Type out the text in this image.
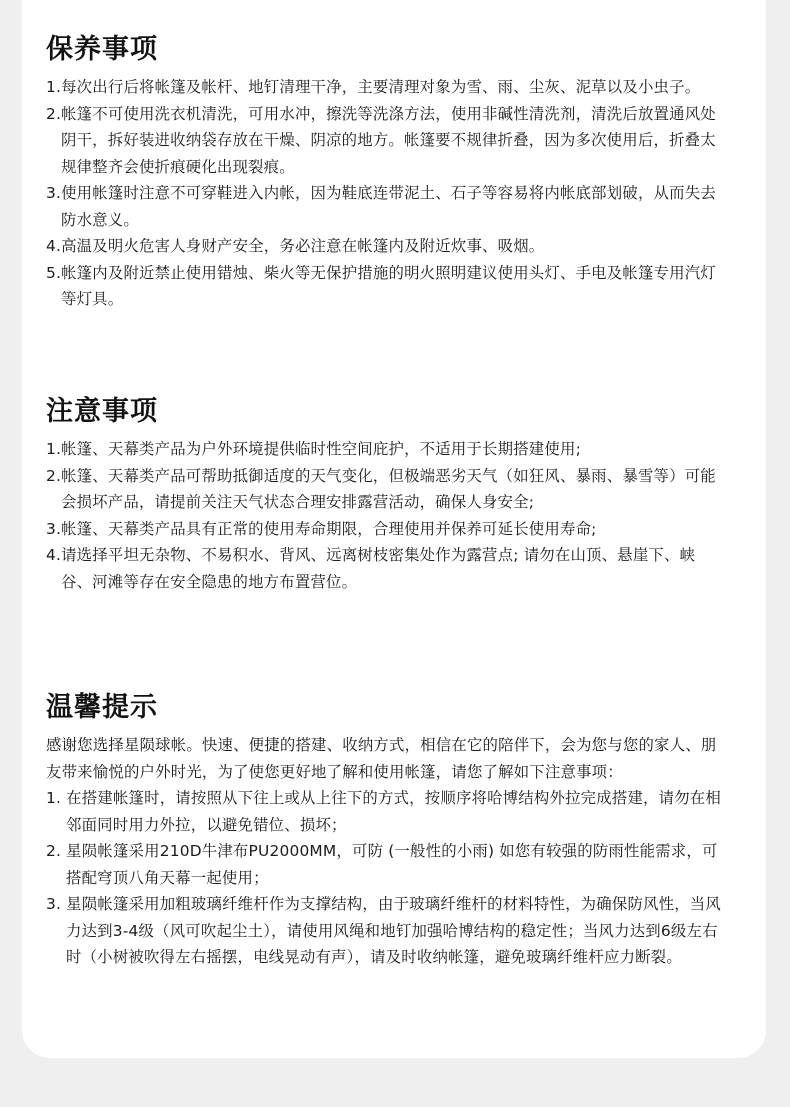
保养事项

1.每次出行后将帐篷及帐杆、地钉清理干净，主要清理对象为雪、雨、尘灰、泥草以及小虫子。

2.帐篷不可使用洗衣机清洗，可用水冲，擦洗等洗涤方法，使用非碱性清洗剂，清洗后放置通风处阴干，拆好装进收纳袋存放在干燥、阴凉的地方。帐篷要不规律折叠，因为多次使用后，折叠太规律整齐会使折痕硬化出现裂痕。

3.使用帐篷时注意不可穿鞋进入内帐，因为鞋底连带泥土、石子等容易将内帐底部划破，从而失去防水意义。

4.高温及明火危害人身财产安全，务必注意在帐篷内及附近炊事、吸烟。

5.帐篷内及附近禁止使用错烛、柴火等无保护措施的明火照明建议使用头灯、手电及帐篷专用汽灯等灯具。

注意事项

1.帐篷、天幕类产品为户外环境提供临时性空间庇护，不适用于长期搭建使用;

2.帐篷、天幕类产品可帮助抵御适度的天气变化，但极端恶劣天气（如狂风、暴雨、暴雪等）可能会损坏产品，请提前关注天气状态合理安排露营活动，确保人身安全;

3.帐篷、天幕类产品具有正常的使用寿命期限，合理使用并保养可延长使用寿命;

4.请选择平坦无杂物、不易积水、背风、远离树枝密集处作为露营点; 请勿在山顶、悬崖下、峡谷、河滩等存在安全隐患的地方布置营位。

温馨提示

感谢您选择星陨球帐。快速、便捷的搭建、收纳方式，相信在它的陪伴下，会为您与您的家人、朋友带来愉悦的户外时光，为了使您更好地了解和使用帐篷，请您了解如下注意事项：

1. 在搭建帐篷时，请按照从下往上或从上往下的方式，按顺序将哈博结构外拉完成搭建，请勿在相邻面同时用力外拉，以避免错位、损坏；

2. 星陨帐篷采用210D牛津布PU2000MM，可防 (一般性的小雨) 如您有较强的防雨性能需求，可搭配穹顶八角天幕一起使用；

3. 星陨帐篷采用加粗玻璃纤维杆作为支撑结构，由于玻璃纤维杆的材料特性，为确保防风性，当风力达到3-4级（风可吹起尘土），请使用风绳和地钉加强哈博结构的稳定性；当风力达到6级左右时（小树被吹得左右摇摆，电线晃动有声），请及时收纳帐篷，避免玻璃纤维杆应力断裂。
